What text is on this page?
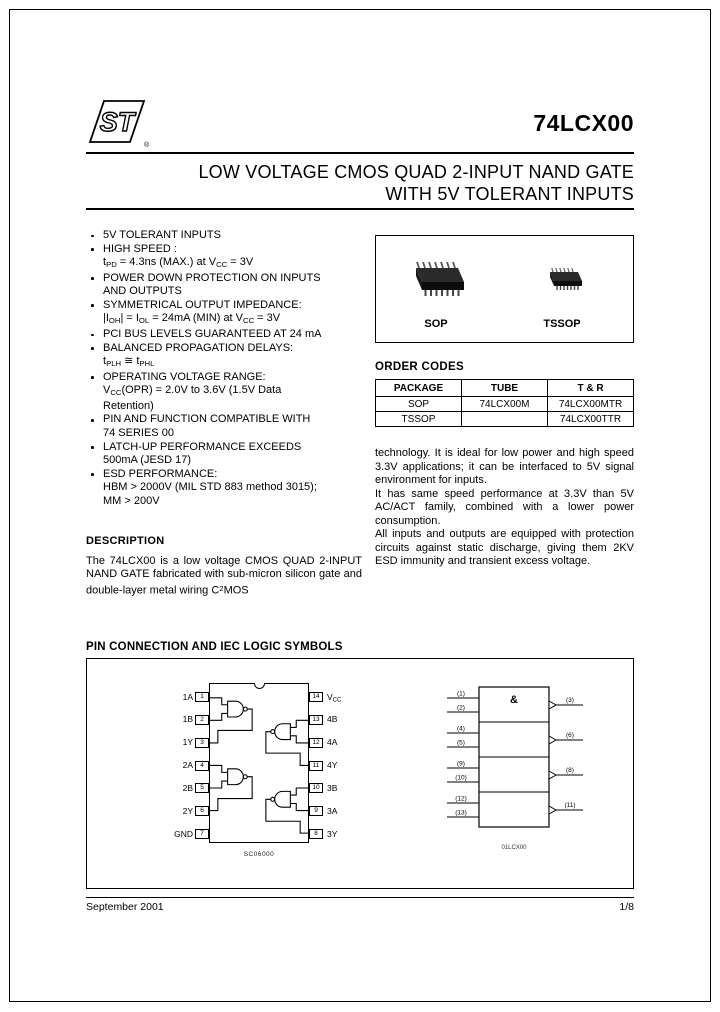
ST
®
74LCX00
LOW VOLTAGE CMOS QUAD 2-INPUT NAND GATE
WITH 5V TOLERANT INPUTS
5V TOLERANT INPUTS
HIGH SPEED :
$t_{PD} = 4.3ns$ (MAX.) at $V_{CC} = 3V$
POWER DOWN PROTECTION ON INPUTS
AND OUTPUTS
SYMMETRICAL OUTPUT IMPEDANCE:
$|I_{OH}| = I_{OL} = 24mA$ (MIN) at $V_{CC} = 3V$
PCI BUS LEVELS GUARANTEED AT 24 mA
BALANCED PROPAGATION DELAYS:
$t_{PLH}$ ≅ $t_{PHL}$
OPERATING VOLTAGE RANGE:
$V_{CC}(OPR) = 2.0V$ to 3.6V (1.5V Data
Retention)
PIN AND FUNCTION COMPATIBLE WITH
74 SERIES 00
LATCH-UP PERFORMANCE EXCEEDS
500mA (JESD 17)
ESD PERFORMANCE:
HBM > 2000V (MIL STD 883 method 3015);
MM > 200V
DESCRIPTION

The 74LCX00 is a low voltage CMOS QUAD 2-INPUT NAND GATE fabricated with sub-micron silicon gate and double-layer metal wiring $C^2MOS$

SOP	TSSOP
ORDER CODES
PACKAGE	TUBE	T & R
SOP	74LCX00M	74LCX00MTR
TSSOP		74LCX00TTR

technology. It is ideal for low power and high speed 3.3V applications; it can be interfaced to 5V signal environment for inputs.

It has same speed performance at 3.3V than 5V AC/ACT family, combined with a lower power consumption.

All inputs and outputs are equipped with protection circuits against static discharge, giving them 2KV ESD immunity and transient excess voltage.

PIN CONNECTION AND IEC LOGIC SYMBOLS
1A	1
1B	2
1Y	3
2A	4
2B	5
2Y	6
GND	7
14 $V_{CC}$
13 4B
12 4A
11 4Y
10 3B
9	3A
8	3Y
SC06000
&
(1)
(2)
(3)
(4)
(5)
(6)
(9)
(10)
(8)
(12)
(13)
(11)
01LCX00
September 2001	1/8
